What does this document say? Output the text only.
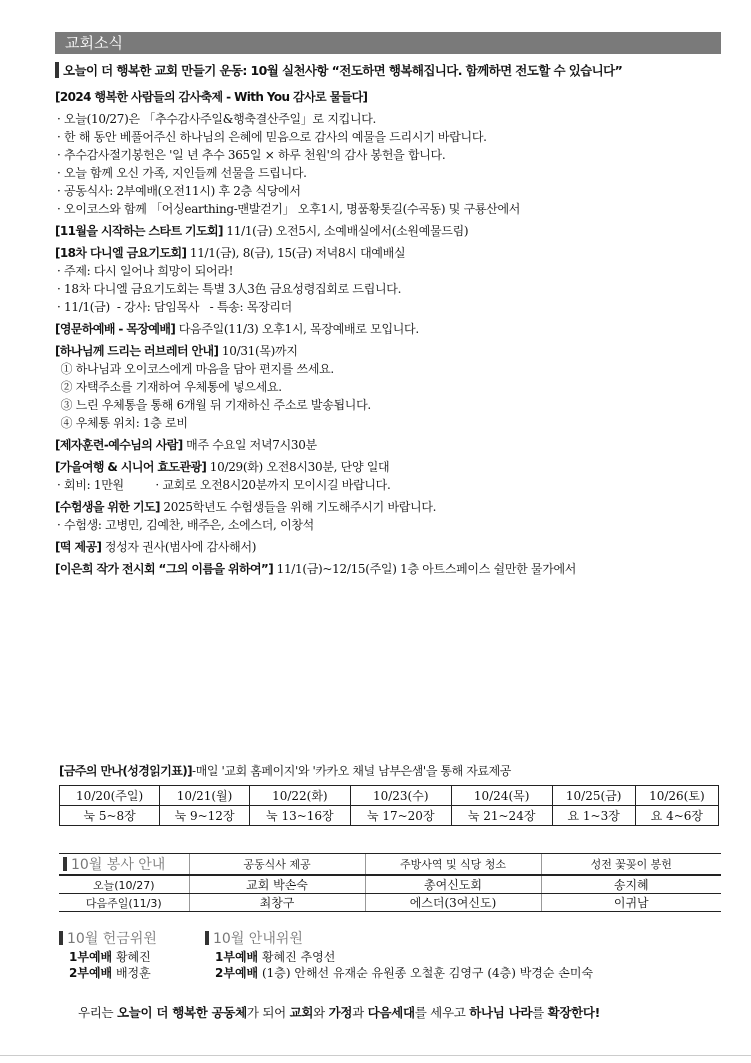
교회소식
오늘이 더 행복한 교회 만들기 운동: 10월 실천사항 “전도하면 행복해집니다. 함께하면 전도할 수 있습니다”
[2024 행복한 사람들의 감사축제 - With You 감사로 물들다]
· 오늘(10/27)은 「추수감사주일&행축결산주일」로 지킵니다.
· 한 해 동안 베풀어주신 하나님의 은혜에 믿음으로 감사의 예물을 드리시기 바랍니다.
· 추수감사절기봉헌은 '일 년 추수 365일 × 하루 천원'의 감사 봉헌을 합니다.
· 오늘 함께 오신 가족, 지인들께 선물을 드립니다.
· 공동식사: 2부예배(오전11시) 후 2층 식당에서
· 오이코스와 함께 「어싱earthing-맨발걷기」 오후1시, 명품황톳길(수곡동) 및 구룡산에서
[11월을 시작하는 스타트 기도회] 11/1(금) 오전5시, 소예배실에서(소원예물드림)
[18차 다니엘 금요기도회] 11/1(금), 8(금), 15(금) 저녁8시 대예배실
· 주제: 다시 일어나 희망이 되어라!
· 18차 다니엘 금요기도회는 특별 3人3色 금요성령집회로 드립니다.
· 11/1(금)  - 강사: 담임목사   - 특송: 목장리더
[영문하예배 - 목장예배] 다음주일(11/3) 오후1시, 목장예배로 모입니다.
[하나님께 드리는 러브레터 안내] 10/31(목)까지
① 하나님과 오이코스에게 마음을 담아 편지를 쓰세요.
② 자택주소를 기재하여 우체통에 넣으세요.
③ 느린 우체통을 통해 6개월 뒤 기재하신 주소로 발송됩니다.
④ 우체통 위치: 1층 로비
[제자훈련-예수님의 사람] 매주 수요일 저녁7시30분
[가을여행 & 시니어 효도관광] 10/29(화) 오전8시30분, 단양 일대
· 회비: 1만원         · 교회로 오전8시20분까지 모이시길 바랍니다.
[수험생을 위한 기도] 2025학년도 수험생들을 위해 기도해주시기 바랍니다.
· 수험생: 고병민, 김예찬, 배주은, 소에스더, 이창석
[떡 제공] 정성자 권사(범사에 감사해서)
[이은희 작가 전시회 “그의 이름을 위하여”] 11/1(금)~12/15(주일) 1층 아트스페이스 쉴만한 물가에서
[금주의 만나(성경읽기표)]-매일 '교회 홈페이지'와 '카카오 채널 남부은샘'을 통해 자료제공
10/20(주일)	10/21(월)	10/22(화)	10/23(수)	10/24(목)	10/25(금)	10/26(토)
눅 5~8장	눅 9~12장	눅 13~16장	눅 17~20장	눅 21~24장	요 1~3장	요 4~6장
10월 봉사 안내	공동식사 제공	주방사역 및 식당 청소	성전 꽃꽂이 봉헌
오늘(10/27)	교회 박손숙	총여신도회	송지혜
다음주일(11/3)	최창구	에스더(3여신도)	이귀남
10월 헌금위원
1부예배 황혜진
2부예배 배정훈
10월 안내위원
1부예배 황혜진 추영선
2부예배 (1층) 안해선 유재순 유원종 오철훈 김영구 (4층) 박경순 손미숙
우리는 오늘이 더 행복한 공동체가 되어 교회와 가정과 다음세대를 세우고 하나님 나라를 확장한다!
